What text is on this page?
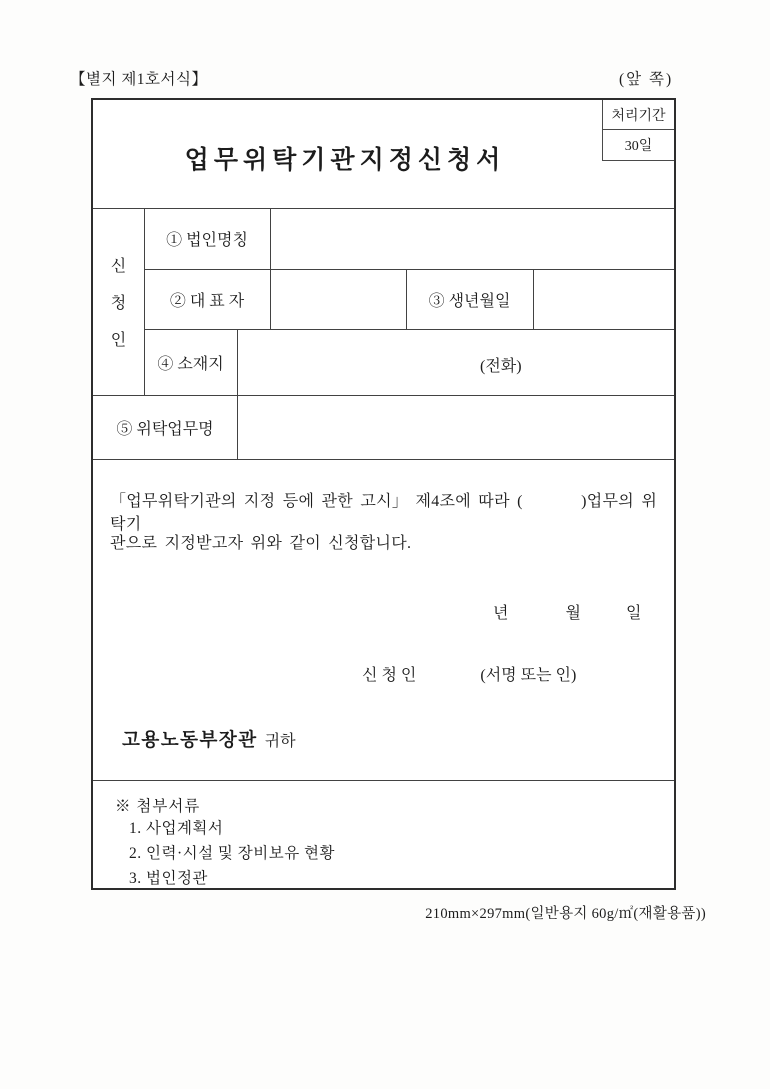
【별지 제1호서식】	(앞 쪽)
처리기간
30일
업무위탁기관지정신청서
신
청
인
① 법인명칭
② 대 표 자	③ 생년월일
④ 소재지	(전화)
⑤ 위탁업무명
「업무위탁기관의 지정 등에 관한 고시」 제4조에 따라 (        )업무의 위탁기
관으로 지정받고자 위와 같이 신청합니다.
년	월	일
신 청 인	(서명 또는 인)
고용노동부장관 귀하
※ 첨부서류
1. 사업계획서
2. 인력·시설 및 장비보유 현황
3. 법인정관
210mm×297mm(일반용지 60g/㎡(재활용품))
